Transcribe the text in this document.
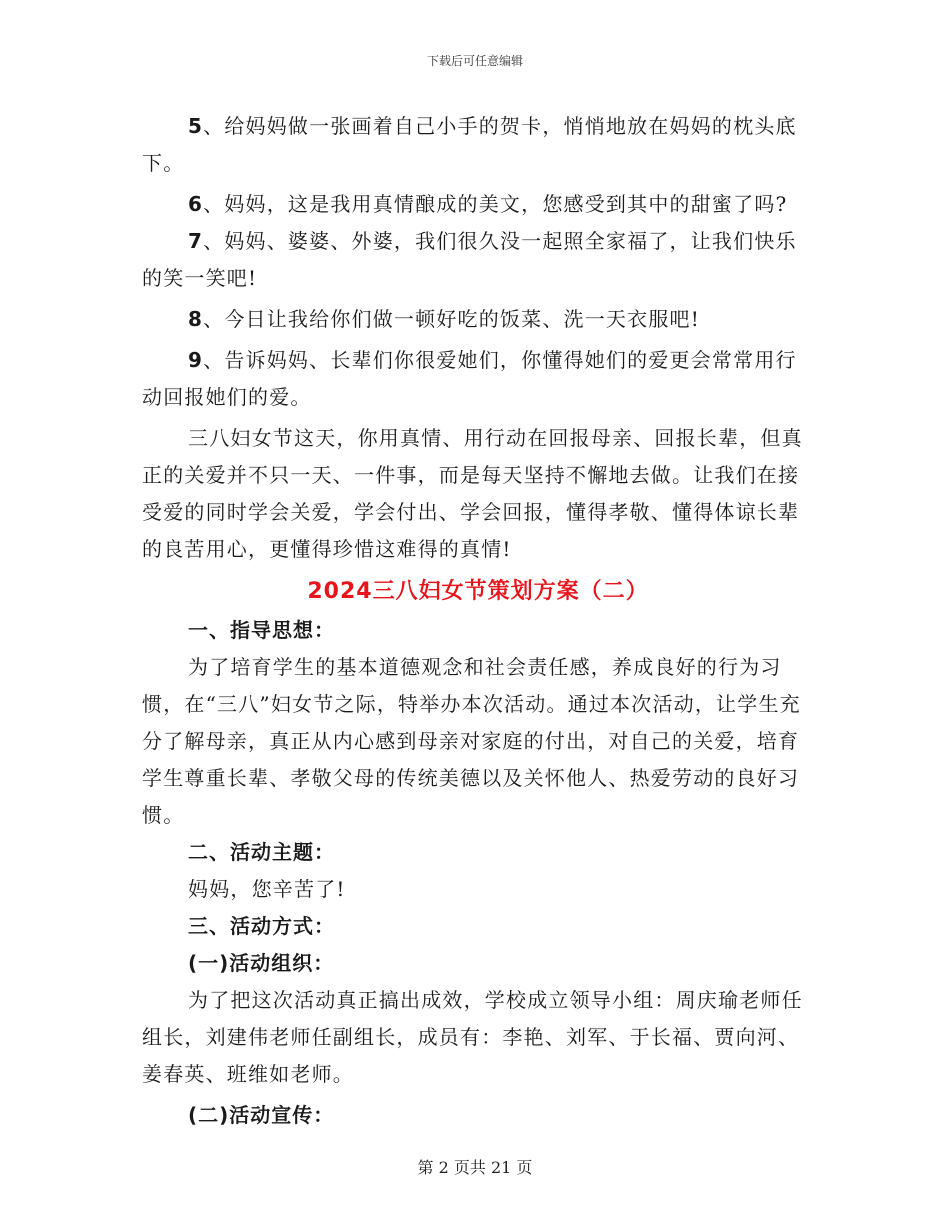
下载后可任意编辑

5、给妈妈做一张画着自己小手的贺卡，悄悄地放在妈妈的枕头底下。

6、妈妈，这是我用真情酿成的美文，您感受到其中的甜蜜了吗?

7、妈妈、婆婆、外婆，我们很久没一起照全家福了，让我们快乐的笑一笑吧!

8、今日让我给你们做一顿好吃的饭菜、洗一天衣服吧!

9、告诉妈妈、长辈们你很爱她们，你懂得她们的爱更会常常用行动回报她们的爱。

三八妇女节这天，你用真情、用行动在回报母亲、回报长辈，但真正的关爱并不只一天、一件事，而是每天坚持不懈地去做。让我们在接受爱的同时学会关爱，学会付出、学会回报，懂得孝敬、懂得体谅长辈的良苦用心，更懂得珍惜这难得的真情!

2024三八妇女节策划方案（二）

一、指导思想：

为了培育学生的基本道德观念和社会责任感，养成良好的行为习惯，在“三八”妇女节之际，特举办本次活动。通过本次活动，让学生充分了解母亲，真正从内心感到母亲对家庭的付出，对自己的关爱，培育学生尊重长辈、孝敬父母的传统美德以及关怀他人、热爱劳动的良好习惯。

二、活动主题：

妈妈，您辛苦了!

三、活动方式：

(一)活动组织：

为了把这次活动真正搞出成效，学校成立领导小组：周庆瑜老师任组长，刘建伟老师任副组长，成员有：李艳、刘军、于长福、贾向河、姜春英、班维如老师。

(二)活动宣传：

第 2 页共 21 页
